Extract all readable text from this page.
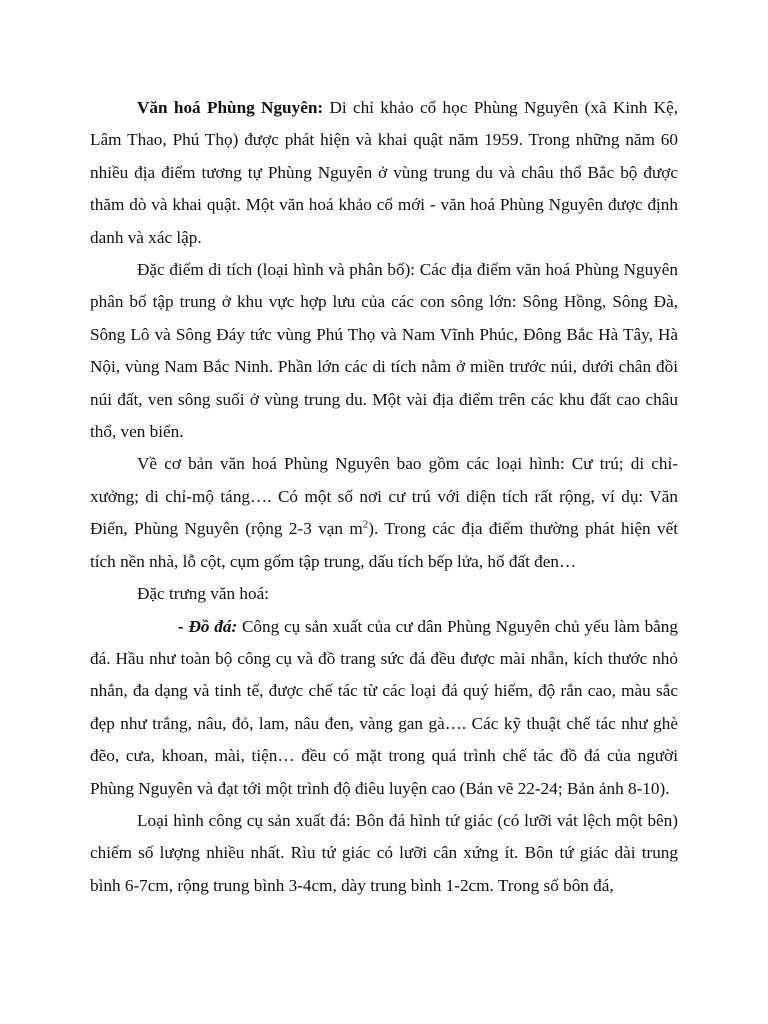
Văn hoá Phùng Nguyên: Di chỉ khảo cổ học Phùng Nguyên (xã Kinh Kệ, Lâm Thao, Phú Thọ) được phát hiện và khai quật năm 1959. Trong những năm 60 nhiều địa điểm tương tự Phùng Nguyên ở vùng trung du và châu thổ Bắc bộ được thăm dò và khai quật. Một văn hoá khảo cổ mới - văn hoá Phùng Nguyên được định danh và xác lập.

Đặc điểm di tích (loại hình và phân bố): Các địa điểm văn hoá Phùng Nguyên phân bố tập trung ở khu vực hợp lưu của các con sông lớn: Sông Hồng, Sông Đà, Sông Lô và Sông Đáy tức vùng Phú Thọ và Nam Vĩnh Phúc, Đông Bắc Hà Tây, Hà Nội, vùng Nam Bắc Ninh. Phần lớn các di tích nằm ở miền trước núi, dưới chân đồi núi đất, ven sông suối ở vùng trung du. Một vài địa điểm trên các khu đất cao châu thổ, ven biển.

Về cơ bản văn hoá Phùng Nguyên bao gồm các loại hình: Cư trú; di chỉ-xưởng; di chỉ-mộ táng…. Có một số nơi cư trú với diện tích rất rộng, ví dụ: Văn Điển, Phùng Nguyên (rộng 2-3 vạn $m^2$). Trong các địa điểm thường phát hiện vết tích nền nhà, lỗ cột, cụm gốm tập trung, dấu tích bếp lửa, hố đất đen…

Đặc trưng văn hoá:

- Đồ đá: Công cụ sản xuất của cư dân Phùng Nguyên chủ yếu làm bằng đá. Hầu như toàn bộ công cụ và đồ trang sức đá đều được mài nhẵn, kích thước nhỏ nhắn, đa dạng và tinh tế, được chế tác từ các loại đá quý hiếm, độ rắn cao, màu sắc đẹp như trắng, nâu, đỏ, lam, nâu đen, vàng gan gà…. Các kỹ thuật chế tác như ghè đẽo, cưa, khoan, mài, tiện… đều có mặt trong quá trình chế tác đồ đá của người Phùng Nguyên và đạt tới một trình độ điêu luyện cao (Bản vẽ 22-24; Bản ảnh 8-10).

Loại hình công cụ sản xuất đá: Bôn đá hình tứ giác (có lưỡi vát lệch một bên) chiếm số lượng nhiều nhất. Rìu tứ giác có lưỡi cân xứng ít. Bôn tứ giác dài trung bình 6-7cm, rộng trung bình 3-4cm, dày trung bình 1-2cm. Trong số bôn đá,
